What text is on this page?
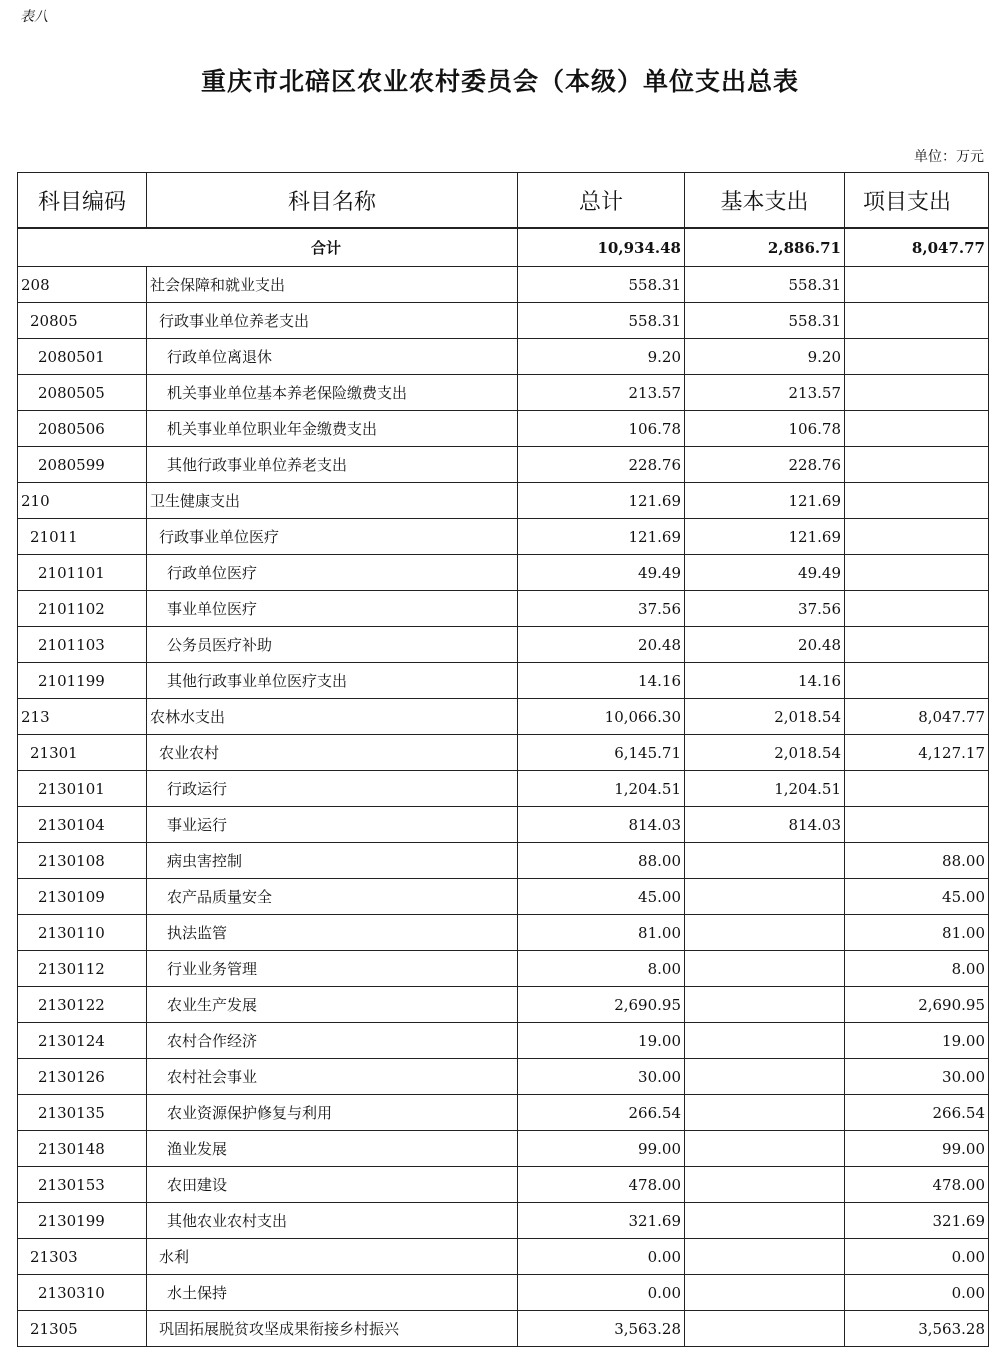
表八
重庆市北碚区农业农村委员会（本级）单位支出总表
单位：万元
科目编码	科目名称	总计	基本支出	项目支出
合计		10,934.48	2,886.71	8,047.77
208	社会保障和就业支出	558.31	558.31	
20805	行政事业单位养老支出	558.31	558.31	
2080501	行政单位离退休	9.20	9.20	
2080505	机关事业单位基本养老保险缴费支出	213.57	213.57	
2080506	机关事业单位职业年金缴费支出	106.78	106.78	
2080599	其他行政事业单位养老支出	228.76	228.76	
210	卫生健康支出	121.69	121.69	
21011	行政事业单位医疗	121.69	121.69	
2101101	行政单位医疗	49.49	49.49	
2101102	事业单位医疗	37.56	37.56	
2101103	公务员医疗补助	20.48	20.48	
2101199	其他行政事业单位医疗支出	14.16	14.16	
213	农林水支出	10,066.30	2,018.54	8,047.77
21301	农业农村	6,145.71	2,018.54	4,127.17
2130101	行政运行	1,204.51	1,204.51	
2130104	事业运行	814.03	814.03	
2130108	病虫害控制	88.00		88.00
2130109	农产品质量安全	45.00		45.00
2130110	执法监管	81.00		81.00
2130112	行业业务管理	8.00		8.00
2130122	农业生产发展	2,690.95		2,690.95
2130124	农村合作经济	19.00		19.00
2130126	农村社会事业	30.00		30.00
2130135	农业资源保护修复与利用	266.54		266.54
2130148	渔业发展	99.00		99.00
2130153	农田建设	478.00		478.00
2130199	其他农业农村支出	321.69		321.69
21303	水利	0.00		0.00
2130310	水土保持	0.00		0.00
21305	巩固拓展脱贫攻坚成果衔接乡村振兴	3,563.28		3,563.28
